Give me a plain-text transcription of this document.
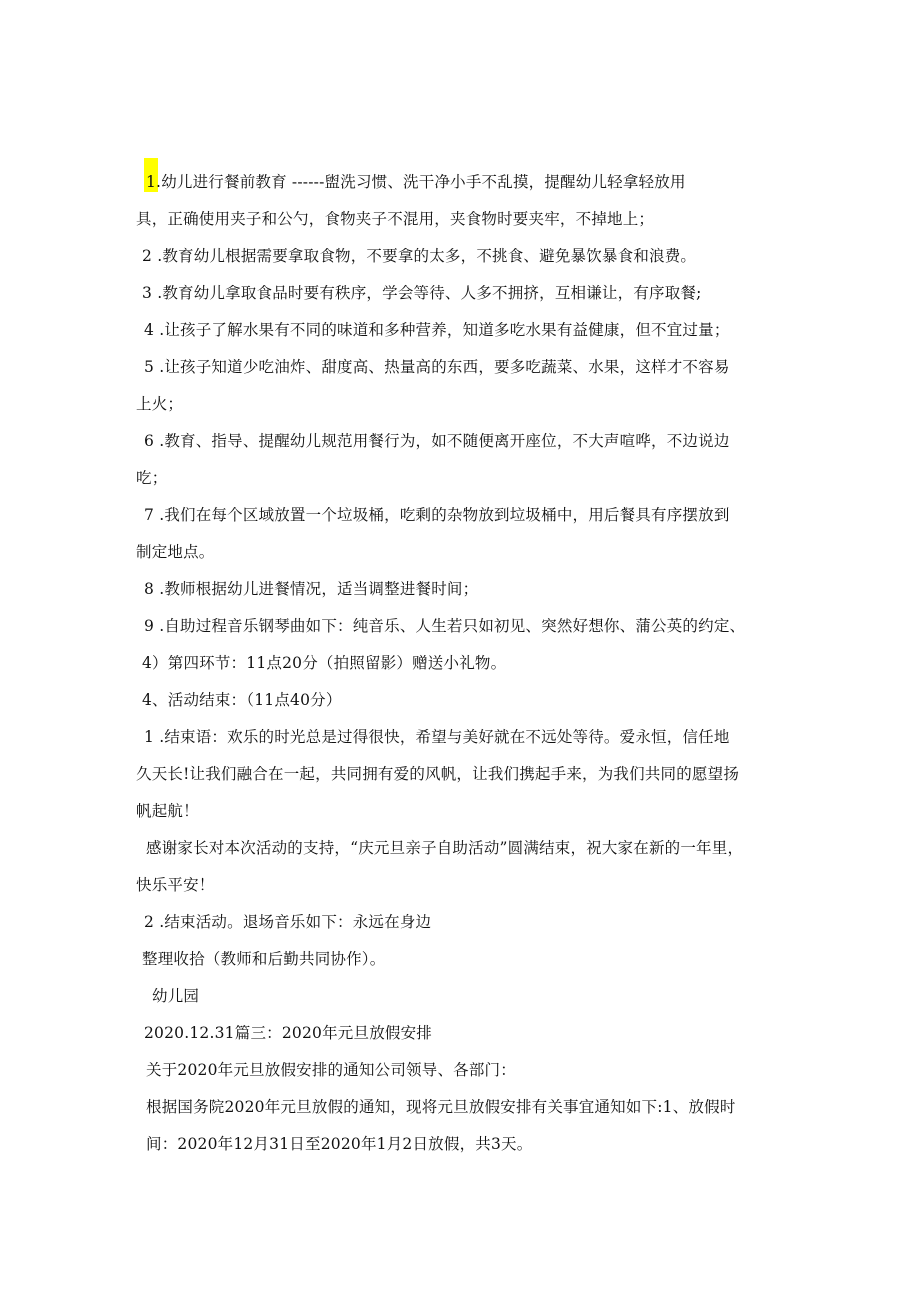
1.幼儿进行餐前教育 ------盥洗习惯、洗干净小手不乱摸，提醒幼儿轻拿轻放用
具，正确使用夹子和公勺，食物夹子不混用，夹食物时要夹牢，不掉地上；
2 .教育幼儿根据需要拿取食物，不要拿的太多，不挑食、避免暴饮暴食和浪费。
3 .教育幼儿拿取食品时要有秩序，学会等待、人多不拥挤，互相谦让，有序取餐;
4 .让孩子了解水果有不同的味道和多种营养，知道多吃水果有益健康，但不宜过量；
5 .让孩子知道少吃油炸、甜度高、热量高的东西，要多吃蔬菜、水果，这样才不容易
上火；
6 .教育、指导、提醒幼儿规范用餐行为，如不随便离开座位，不大声喧哗，不边说边
吃；
7 .我们在每个区域放置一个垃圾桶，吃剩的杂物放到垃圾桶中，用后餐具有序摆放到
制定地点。
8 .教师根据幼儿进餐情况，适当调整进餐时间；
9 .自助过程音乐钢琴曲如下：纯音乐、人生若只如初见、突然好想你、蒲公英的约定、
4）第四环节：11点20分（拍照留影）赠送小礼物。
4、活动结束：（11点40分）
1 .结束语：欢乐的时光总是过得很快，希望与美好就在不远处等待。爱永恒，信任地
久天长!让我们融合在一起，共同拥有爱的风帆，让我们携起手来，为我们共同的愿望扬
帆起航！
感谢家长对本次活动的支持，“庆元旦亲子自助活动”圆满结束，祝大家在新的一年里，
快乐平安！
2 .结束活动。退场音乐如下：永远在身边
整理收拾（教师和后勤共同协作）。
幼儿园
2020.12.31篇三：2020年元旦放假安排
关于2020年元旦放假安排的通知公司领导、各部门：
根据国务院2020年元旦放假的通知，现将元旦放假安排有关事宜通知如下:1、放假时
间：2020年12月31日至2020年1月2日放假，共3天。
